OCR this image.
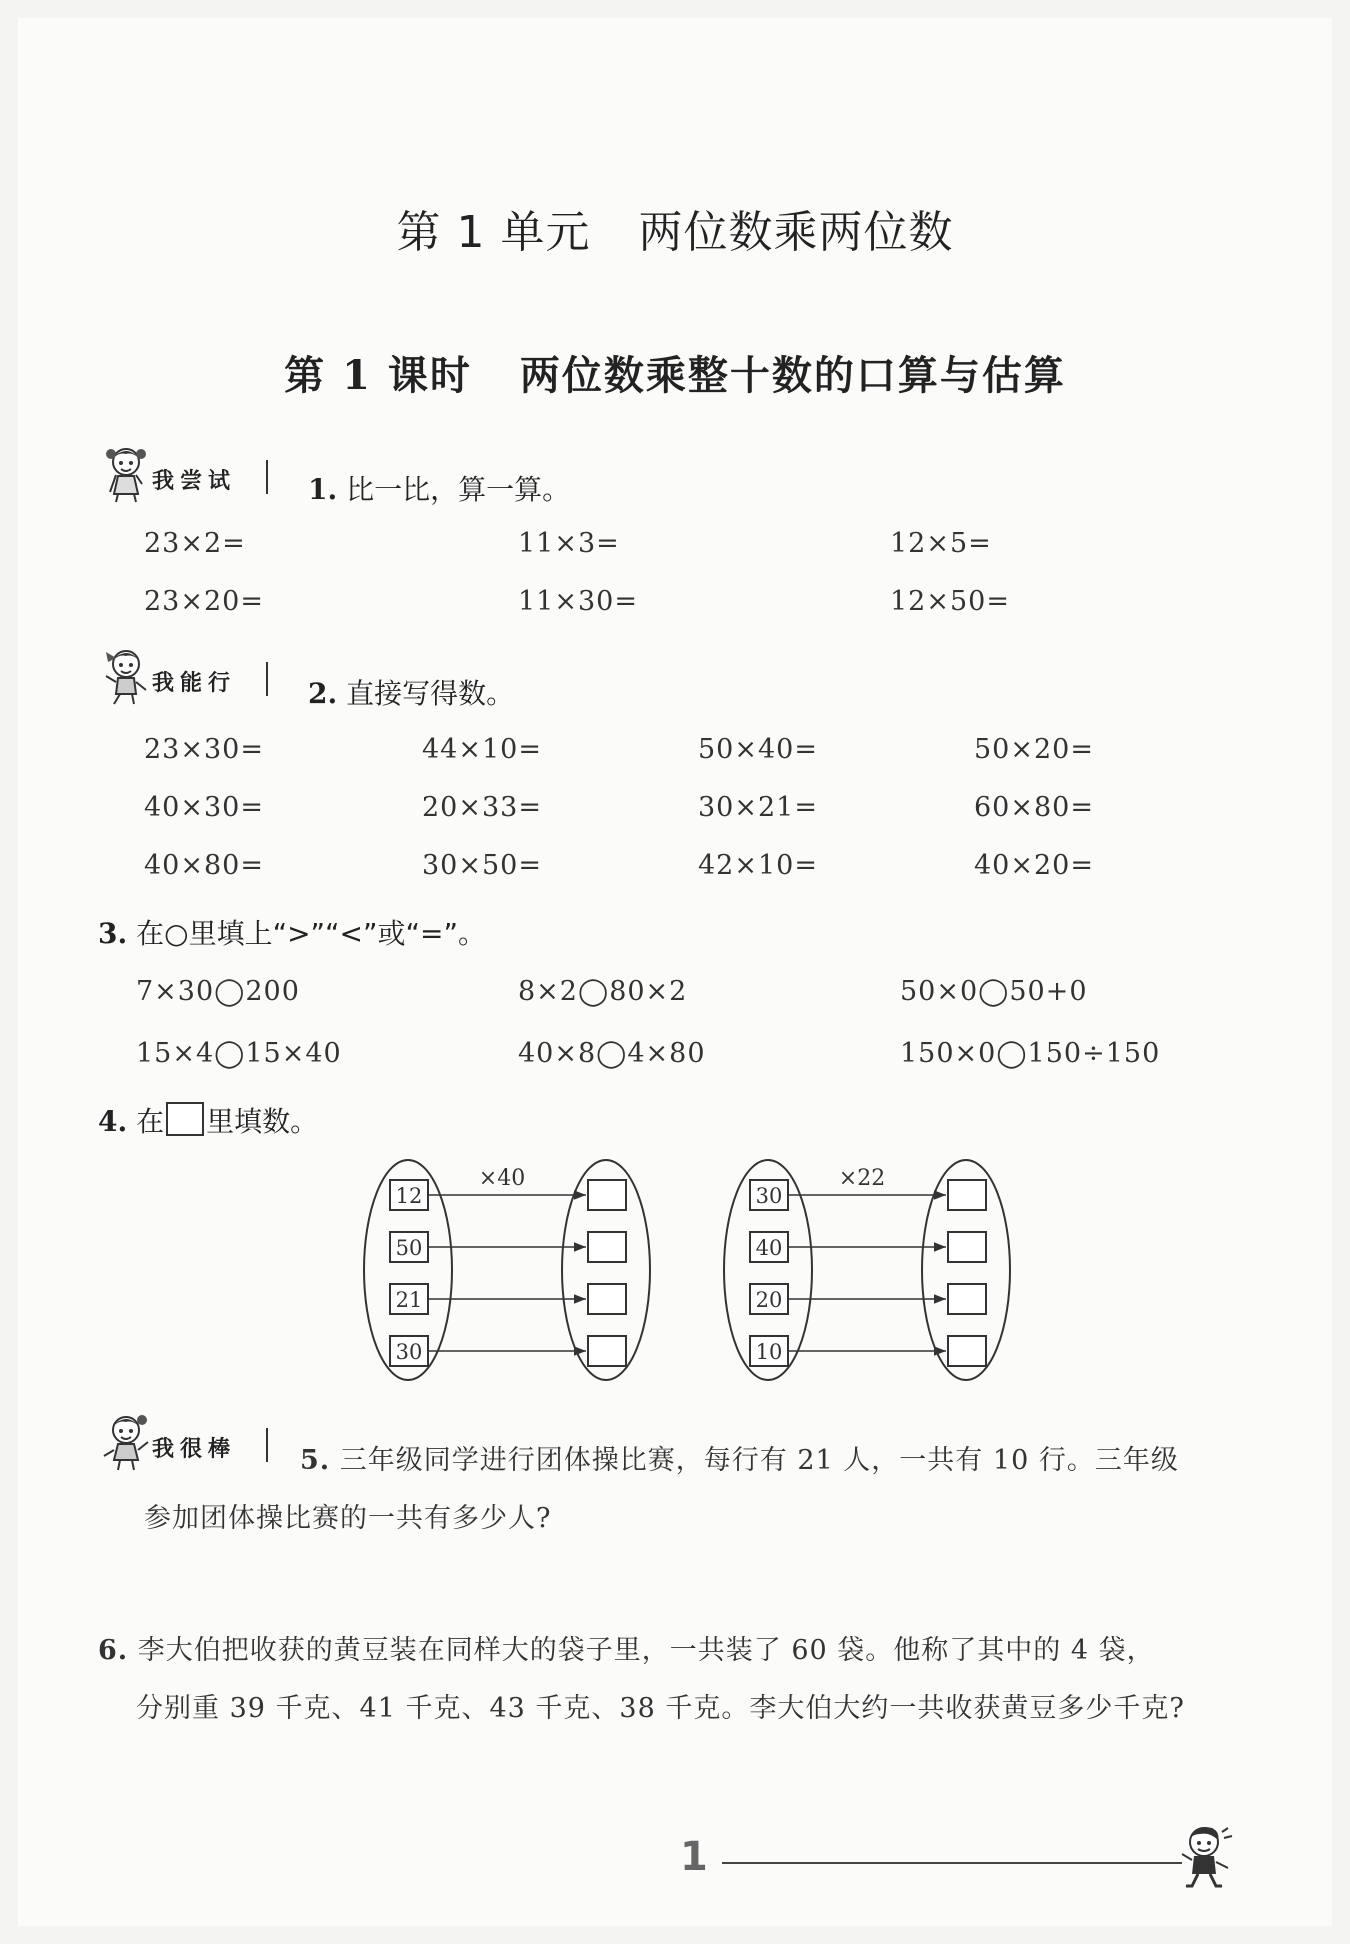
第 1 单元 两位数乘两位数
第 1 课时 两位数乘整十数的口算与估算
我尝试	1. 比一比，算一算。
23×2=	11×3=	12×5=
23×20=	11×30=	12×50=
我能行	2. 直接写得数。
23×30=	44×10=	50×40=	50×20=
40×30=	20×33=	30×21=	60×80=
40×80=	30×50=	42×10=	40×20=
3. 在○里填上“>”“<”或“=”。
7×30◯200	8×2◯80×2	50×0◯50+0
15×4◯15×40	40×8◯4×80	150×0◯150÷150
4. 在 里填数。
×40
12
50
21
30
×22
30
40
20
10
我很棒 5. 三年级同学进行团体操比赛，每行有 21 人，一共有 10 行。三年级
参加团体操比赛的一共有多少人?
6. 李大伯把收获的黄豆装在同样大的袋子里，一共装了 60 袋。他称了其中的 4 袋，
分别重 39 千克、41 千克、43 千克、38 千克。李大伯大约一共收获黄豆多少千克?
1
